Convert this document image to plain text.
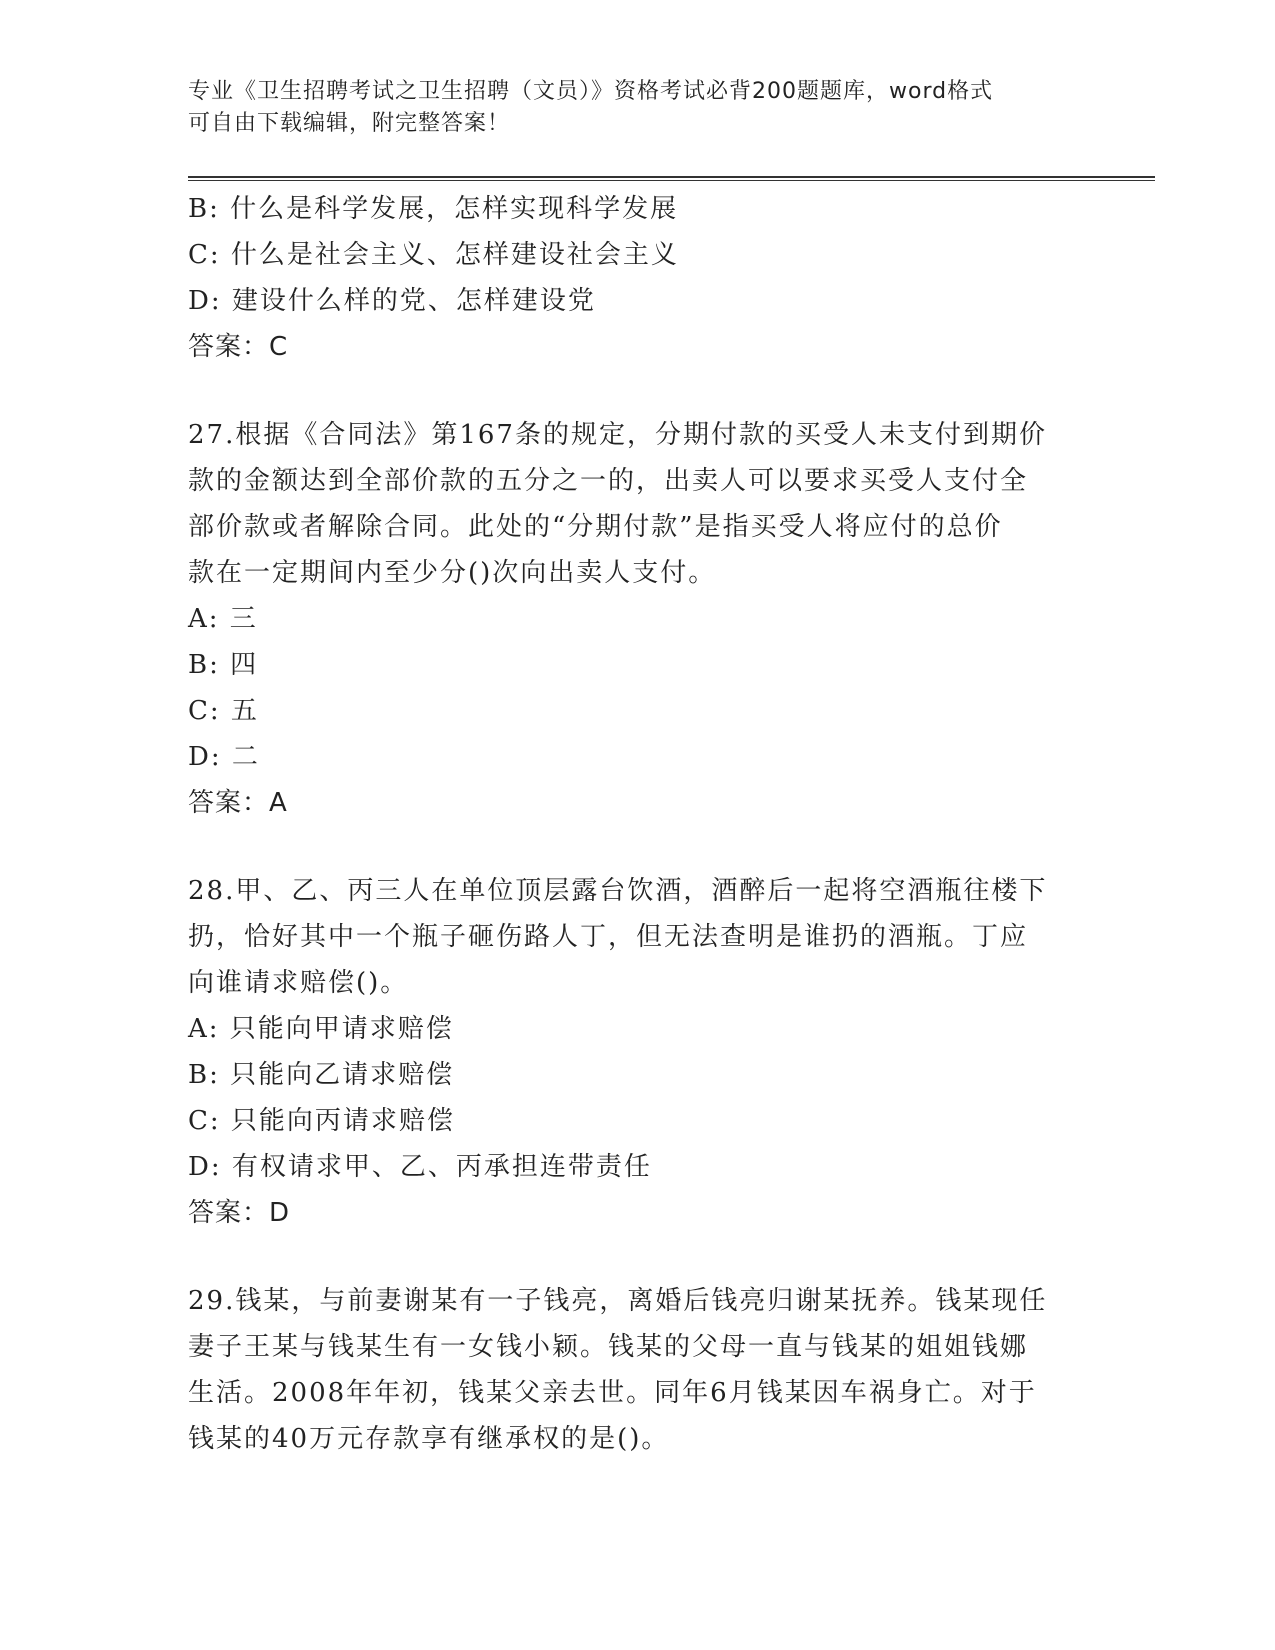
专业《卫生招聘考试之卫生招聘（文员）》资格考试必背200题题库，word格式
可自由下载编辑，附完整答案！
B: 什么是科学发展，怎样实现科学发展
C: 什么是社会主义、怎样建设社会主义
D: 建设什么样的党、怎样建设党
答案：C
27.根据《合同法》第167条的规定，分期付款的买受人未支付到期价
款的金额达到全部价款的五分之一的，出卖人可以要求买受人支付全
部价款或者解除合同。此处的“分期付款”是指买受人将应付的总价
款在一定期间内至少分()次向出卖人支付。
A: 三
B: 四
C: 五
D: 二
答案：A
28.甲、乙、丙三人在单位顶层露台饮酒，酒醉后一起将空酒瓶往楼下
扔，恰好其中一个瓶子砸伤路人丁，但无法查明是谁扔的酒瓶。丁应
向谁请求赔偿()。
A: 只能向甲请求赔偿
B: 只能向乙请求赔偿
C: 只能向丙请求赔偿
D: 有权请求甲、乙、丙承担连带责任
答案：D
29.钱某，与前妻谢某有一子钱亮，离婚后钱亮归谢某抚养。钱某现任
妻子王某与钱某生有一女钱小颖。钱某的父母一直与钱某的姐姐钱娜
生活。2008年年初，钱某父亲去世。同年6月钱某因车祸身亡。对于
钱某的40万元存款享有继承权的是()。
